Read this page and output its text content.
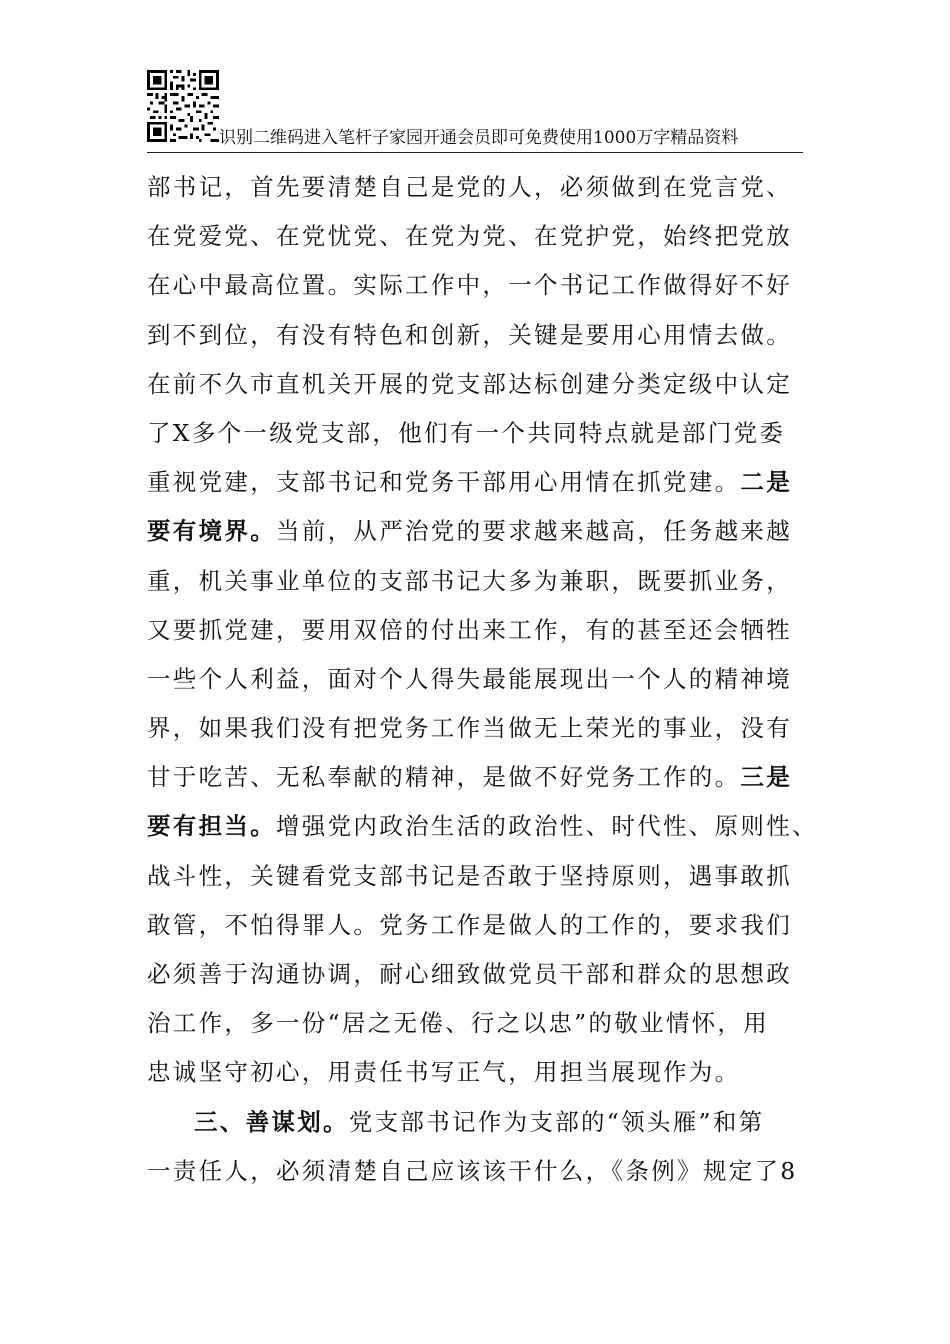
识别二维码进入笔杆子家园开通会员即可免费使用1000万字精品资料
部书记，首先要清楚自己是党的人，必须做到在党言党、
在党爱党、在党忧党、在党为党、在党护党，始终把党放
在心中最高位置。实际工作中，一个书记工作做得好不好
到不到位，有没有特色和创新，关键是要用心用情去做。
在前不久市直机关开展的党支部达标创建分类定级中认定
了X多个一级党支部，他们有一个共同特点就是部门党委
重视党建，支部书记和党务干部用心用情在抓党建。二是
要有境界。当前，从严治党的要求越来越高，任务越来越
重，机关事业单位的支部书记大多为兼职，既要抓业务，
又要抓党建，要用双倍的付出来工作，有的甚至还会牺牲
一些个人利益，面对个人得失最能展现出一个人的精神境
界，如果我们没有把党务工作当做无上荣光的事业，没有
甘于吃苦、无私奉献的精神，是做不好党务工作的。三是
要有担当。增强党内政治生活的政治性、时代性、原则性、
战斗性，关键看党支部书记是否敢于坚持原则，遇事敢抓
敢管，不怕得罪人。党务工作是做人的工作的，要求我们
必须善于沟通协调，耐心细致做党员干部和群众的思想政
治工作，多一份“居之无倦、行之以忠”的敬业情怀，用
忠诚坚守初心，用责任书写正气，用担当展现作为。
三、善谋划。党支部书记作为支部的“领头雁”和第
一责任人，必须清楚自己应该该干什么，《条例》规定了8
